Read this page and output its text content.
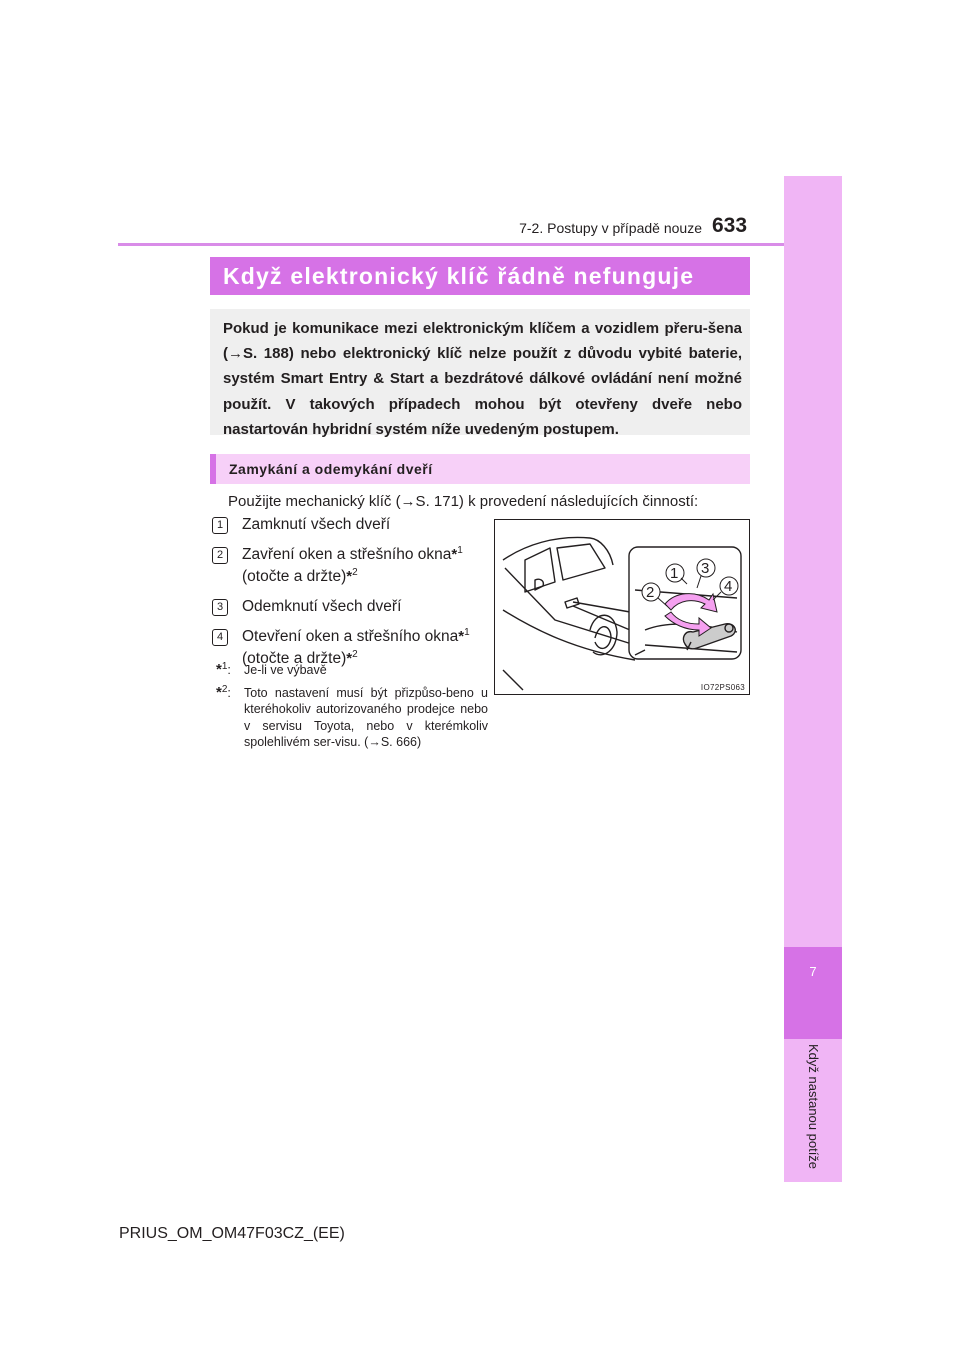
7-2. Postupy v případě nouze 633
7
Když nastanou potíže
Když elektronický klíč řádně nefunguje
Pokud je komunikace mezi elektronickým klíčem a vozidlem přeru-šena (→S. 188) nebo elektronický klíč nelze použít z důvodu vybité baterie, systém Smart Entry & Start a bezdrátové dálkové ovládání není možné použít. V takových případech mohou být otevřeny dveře nebo nastartován hybridní systém níže uvedeným postupem.
Zamykání a odemykání dveří
Použijte mechanický klíč (→S. 171) k provedení následujících činností:
1	Zamknutí všech dveří
2	Zavření oken a střešního okna*$^1$
(otočte a držte)*$^2$
3	Odemknutí všech dveří
4	Otevření oken a střešního okna*$^1$
(otočte a držte)*$^2$
*$^1$:	Je-li ve výbavě
*$^2$:	Toto nastavení musí být přizpůso-beno u kteréhokoliv autorizovaného prodejce nebo v servisu Toyota, nebo v kterémkoliv spolehlivém ser-visu. (→S. 666)
1
2
3
4
IO72PS063
PRIUS_OM_OM47F03CZ_(EE)
